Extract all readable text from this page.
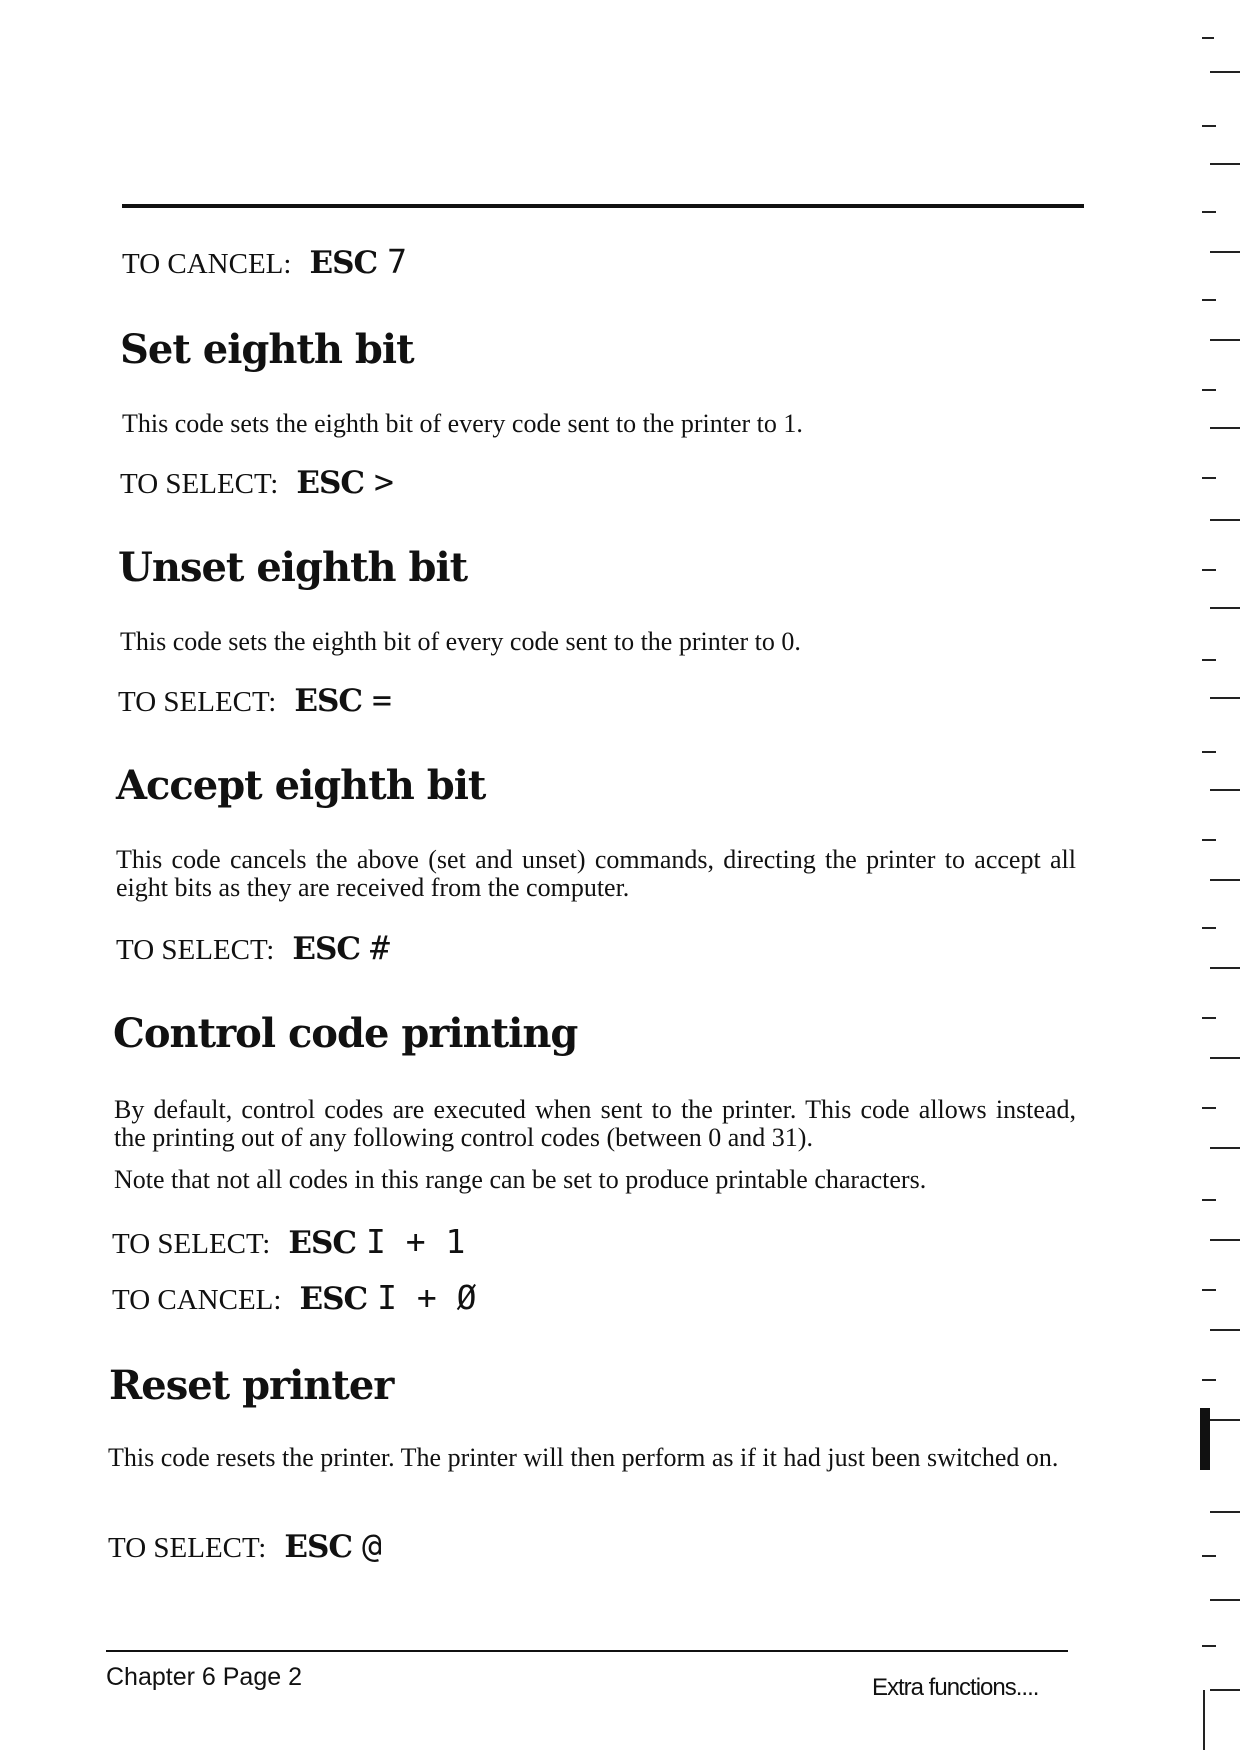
TO CANCEL: ESC 7
Set eighth bit

This code sets the eighth bit of every code sent to the printer to 1.

TO SELECT: ESC >
Unset eighth bit

This code sets the eighth bit of every code sent to the printer to 0.

TO SELECT: ESC =
Accept eighth bit

This code cancels the above (set and unset) commands, directing the printer to accept all eight bits as they are received from the computer.

TO SELECT: ESC #
Control code printing

By default, control codes are executed when sent to the printer. This code allows instead, the printing out of any following control codes (between 0 and 31).

Note that not all codes in this range can be set to produce printable characters.

TO SELECT: ESC I + 1
TO CANCEL: ESC I + Ø
Reset printer

This code resets the printer. The printer will then perform as if it had just been switched on.

TO SELECT: ESC @
Chapter 6 Page 2	Extra functions....
